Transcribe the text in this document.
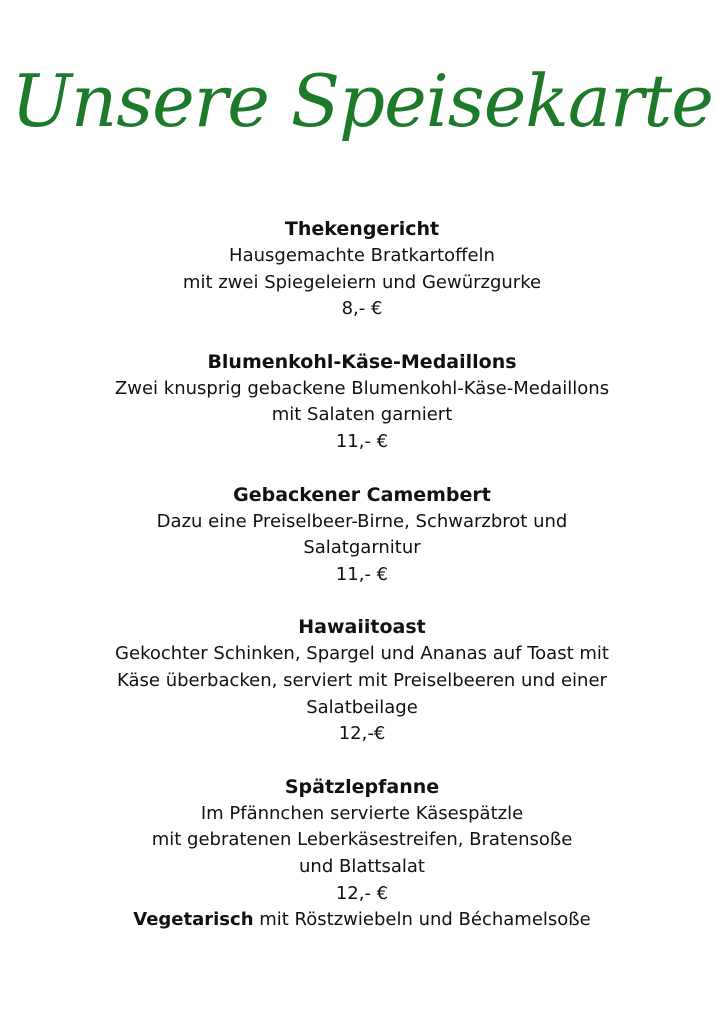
Unsere Speisekarte

Thekengericht

Hausgemachte Bratkartoffeln

mit zwei Spiegeleiern und Gewürzgurke

8,- €

Blumenkohl-Käse-Medaillons

Zwei knusprig gebackene Blumenkohl-Käse-Medaillons

mit Salaten garniert

11,- €

Gebackener Camembert

Dazu eine Preiselbeer-Birne, Schwarzbrot und

Salatgarnitur

11,- €

Hawaiitoast

Gekochter Schinken, Spargel und Ananas auf Toast mit

Käse überbacken, serviert mit Preiselbeeren und einer

Salatbeilage

12,-€

Spätzlepfanne

Im Pfännchen servierte Käsespätzle

mit gebratenen Leberkäsestreifen, Bratensoße

und Blattsalat

12,- €

Vegetarisch mit Röstzwiebeln und Béchamelsoße
